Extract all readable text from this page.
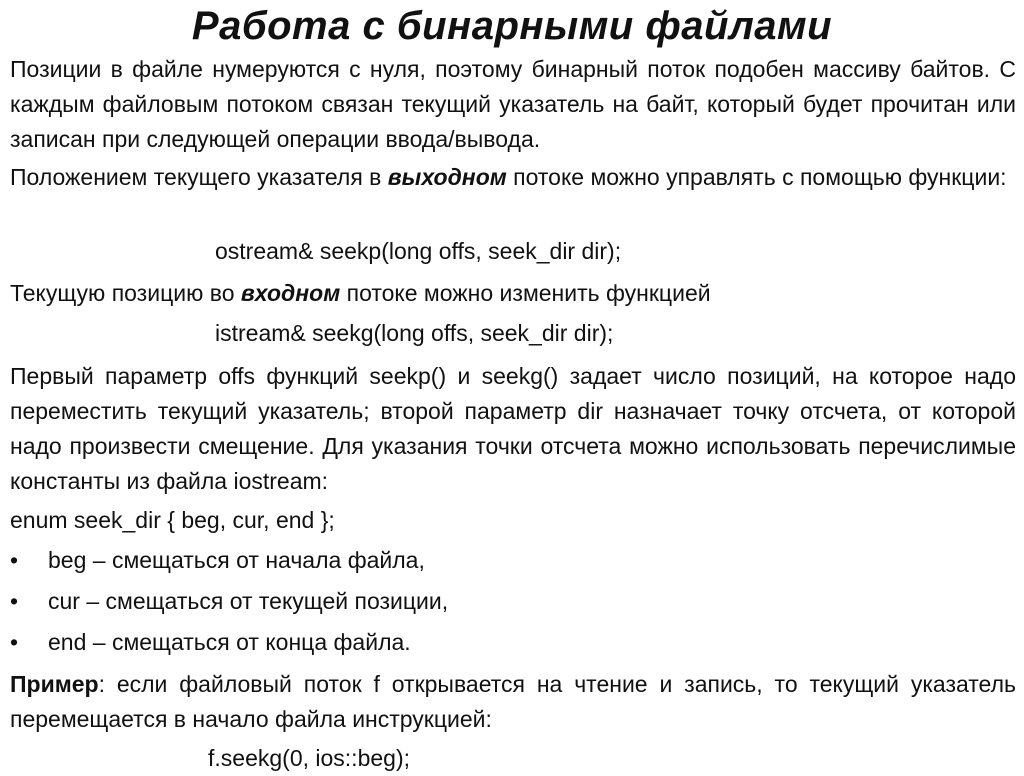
Работа с бинарными файлами

Позиции в файле нумеруются с нуля, поэтому бинарный поток подобен массиву байтов. С каждым файловым потоком связан текущий указатель на байт, который будет прочитан или записан при следующей операции ввода/вывода.

Положением текущего указателя в выходном потоке можно управлять с помощью функции:

ostream& seekp(long offs, seek_dir dir);

Текущую позицию во входном потоке можно изменить функцией

istream& seekg(long offs, seek_dir dir);

Первый параметр offs функций seekp() и seekg() задает число позиций, на которое надо переместить текущий указатель; второй параметр dir назначает точку отсчета, от которой надо произвести смещение. Для указания точки отсчета можно использовать перечислимые константы из файла iostream:

enum seek_dir { beg, cur, end };

• beg – смещаться от начала файла,

• cur – смещаться от текущей позиции,

• end – смещаться от конца файла.

Пример: если файловый поток f открывается на чтение и запись, то текущий указатель перемещается в начало файла инструкцией:

f.seekg(0, ios::beg);
